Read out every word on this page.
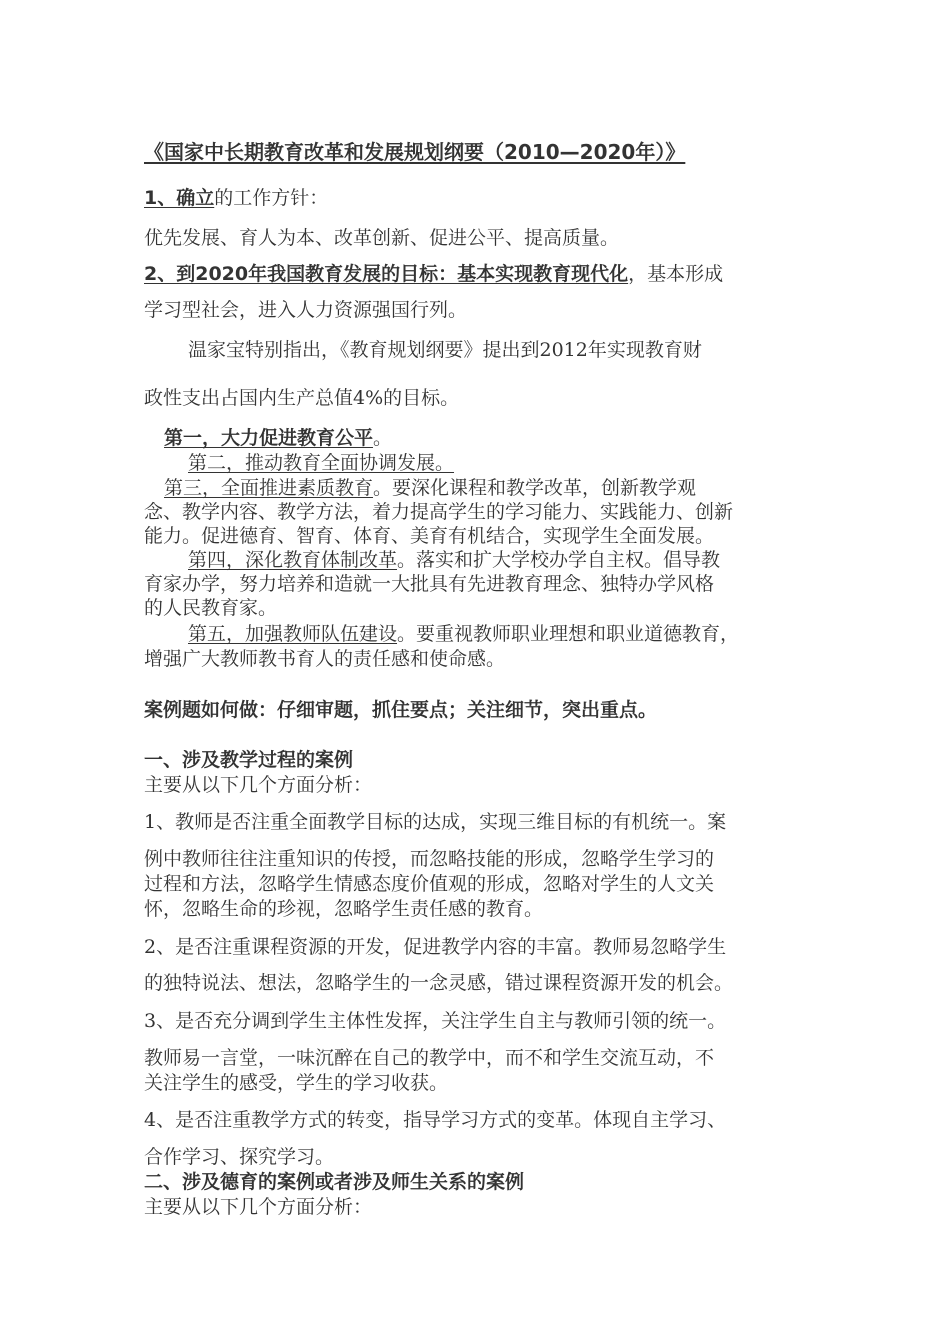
《国家中长期教育改革和发展规划纲要（2010—2020年）》
1、确立的工作方针：
优先发展、育人为本、改革创新、促进公平、提高质量。
2、到2020年我国教育发展的目标：基本实现教育现代化，基本形成
学习型社会，进入人力资源强国行列。
温家宝特别指出，《教育规划纲要》提出到2012年实现教育财
政性支出占国内生产总值4%的目标。
第一，大力促进教育公平。
第二，推动教育全面协调发展。
第三，全面推进素质教育。要深化课程和教学改革，创新教学观
念、教学内容、教学方法，着力提高学生的学习能力、实践能力、创新
能力。促进德育、智育、体育、美育有机结合，实现学生全面发展。
第四，深化教育体制改革。落实和扩大学校办学自主权。倡导教
育家办学，努力培养和造就一大批具有先进教育理念、独特办学风格
的人民教育家。
第五，加强教师队伍建设。要重视教师职业理想和职业道德教育，
增强广大教师教书育人的责任感和使命感。
案例题如何做：仔细审题，抓住要点；关注细节，突出重点。
一、涉及教学过程的案例
主要从以下几个方面分析：
1、教师是否注重全面教学目标的达成，实现三维目标的有机统一。案
例中教师往往注重知识的传授，而忽略技能的形成，忽略学生学习的
过程和方法，忽略学生情感态度价值观的形成，忽略对学生的人文关
怀，忽略生命的珍视，忽略学生责任感的教育。
2、是否注重课程资源的开发，促进教学内容的丰富。教师易忽略学生
的独特说法、想法，忽略学生的一念灵感，错过课程资源开发的机会。
3、是否充分调到学生主体性发挥，关注学生自主与教师引领的统一。
教师易一言堂，一味沉醉在自己的教学中，而不和学生交流互动，不
关注学生的感受，学生的学习收获。
4、是否注重教学方式的转变，指导学习方式的变革。体现自主学习、
合作学习、探究学习。
二、涉及德育的案例或者涉及师生关系的案例
主要从以下几个方面分析：
